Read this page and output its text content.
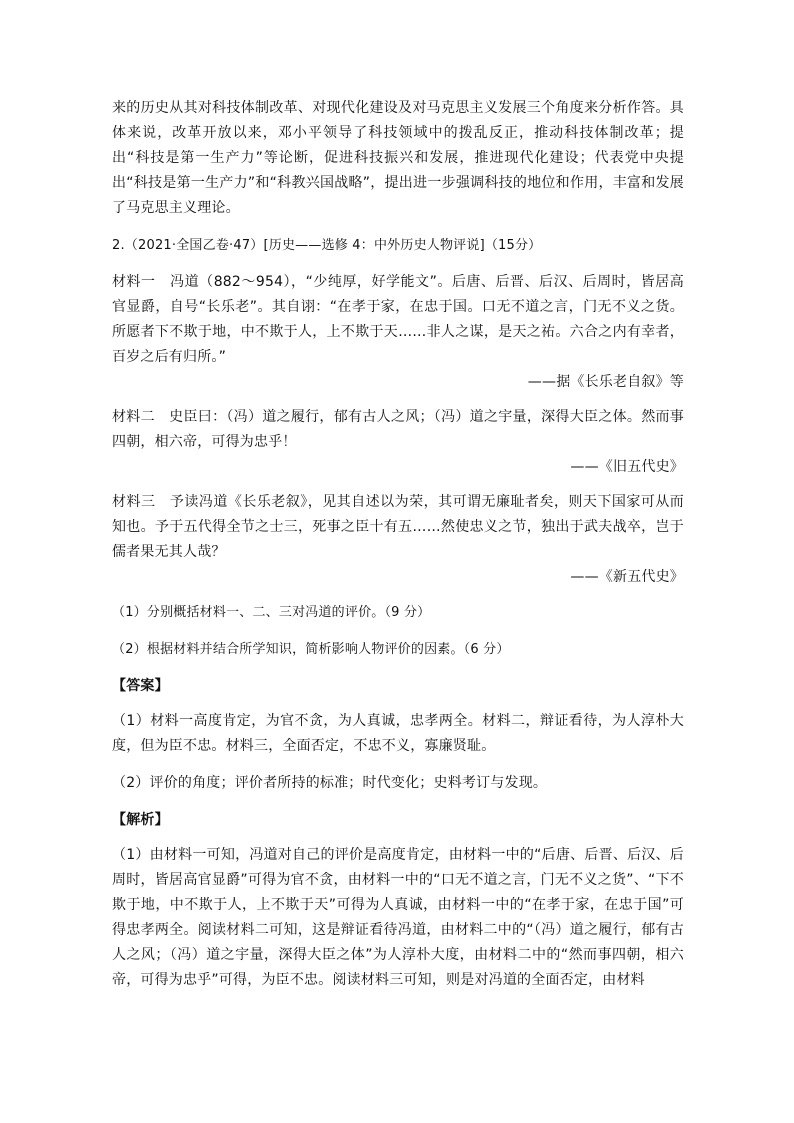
来的历史从其对科技体制改革、对现代化建设及对马克思主义发展三个角度来分析作答。具体来说，改革开放以来，邓小平领导了科技领域中的拨乱反正，推动科技体制改革；提出“科技是第一生产力”等论断，促进科技振兴和发展，推进现代化建设；代表党中央提出“科技是第一生产力”和“科教兴国战略”，提出进一步强调科技的地位和作用，丰富和发展了马克思主义理论。

2.（2021·全国乙卷·47）[历史——选修 4：中外历史人物评说]（15分）

材料一　冯道（882～954），“少纯厚，好学能文”。后唐、后晋、后汉、后周时，皆居高官显爵，自号“长乐老”。其自诩：“在孝于家，在忠于国。口无不道之言，门无不义之货。所愿者下不欺于地，中不欺于人，上不欺于天……非人之谋，是天之祐。六合之内有幸者，百岁之后有归所。”

——据《长乐老自叙》等

材料二　史臣曰：（冯）道之履行，郁有古人之风；（冯）道之宇量，深得大臣之体。然而事四朝，相六帝，可得为忠乎！

——《旧五代史》

材料三　予读冯道《长乐老叙》，见其自述以为荣，其可谓无廉耻者矣，则天下国家可从而知也。予于五代得全节之士三，死事之臣十有五……然使忠义之节，独出于武夫战卒，岂于儒者果无其人哉？

——《新五代史》

（1）分别概括材料一、二、三对冯道的评价。（9 分）

（2）根据材料并结合所学知识，简析影响人物评价的因素。（6 分）

【答案】

（1）材料一高度肯定，为官不贪，为人真诚，忠孝两全。材料二，辩证看待，为人淳朴大度，但为臣不忠。材料三，全面否定，不忠不义，寡廉贤耻。

（2）评价的角度；评价者所持的标准；时代变化；史料考订与发现。

【解析】

（1）由材料一可知，冯道对自己的评价是高度肯定，由材料一中的“后唐、后晋、后汉、后周时，皆居高官显爵”可得为官不贪，由材料一中的“口无不道之言，门无不义之货”、“下不欺于地，中不欺于人，上不欺于天”可得为人真诚，由材料一中的“在孝于家，在忠于国”可得忠孝两全。阅读材料二可知，这是辩证看待冯道，由材料二中的“（冯）道之履行，郁有古人之风；（冯）道之宇量，深得大臣之体”为人淳朴大度，由材料二中的“然而事四朝，相六帝，可得为忠乎”可得，为臣不忠。阅读材料三可知，则是对冯道的全面否定，由材料
